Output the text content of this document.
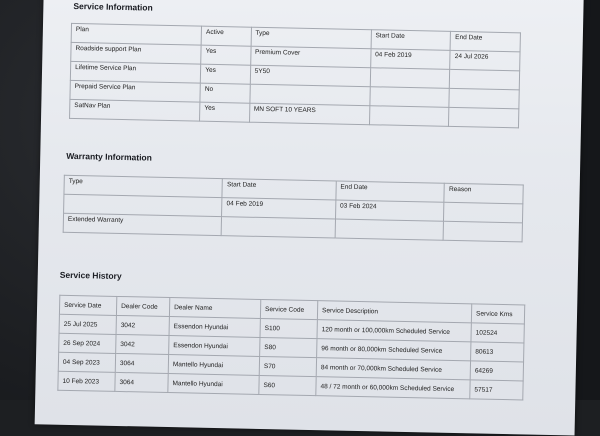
Service Information
Plan	Active	Type	Start Date	End Date
Roadside support Plan	Yes	Premium Cover	04 Feb 2019	24 Jul 2026
Lifetime Service Plan	Yes	5Y50		
Prepaid Service Plan	No			
SatNav Plan	Yes	MN SOFT 10 YEARS		
Warranty Information
Type	Start Date	End Date	Reason
	04 Feb 2019	03 Feb 2024	
Extended Warranty			
Service History
Service Date	Dealer Code	Dealer Name	Service Code	Service Description	Service Kms
25 Jul 2025	3042	Essendon Hyundai	S100	120 month or 100,000km Scheduled Service	102524
26 Sep 2024	3042	Essendon Hyundai	S80	96 month or 80,000km Scheduled Service	80613
04 Sep 2023	3064	Mantello Hyundai	S70	84 month or 70,000km Scheduled Service	64269
10 Feb 2023	3064	Mantello Hyundai	S60	48 / 72 month or 60,000km Scheduled Service	57517
